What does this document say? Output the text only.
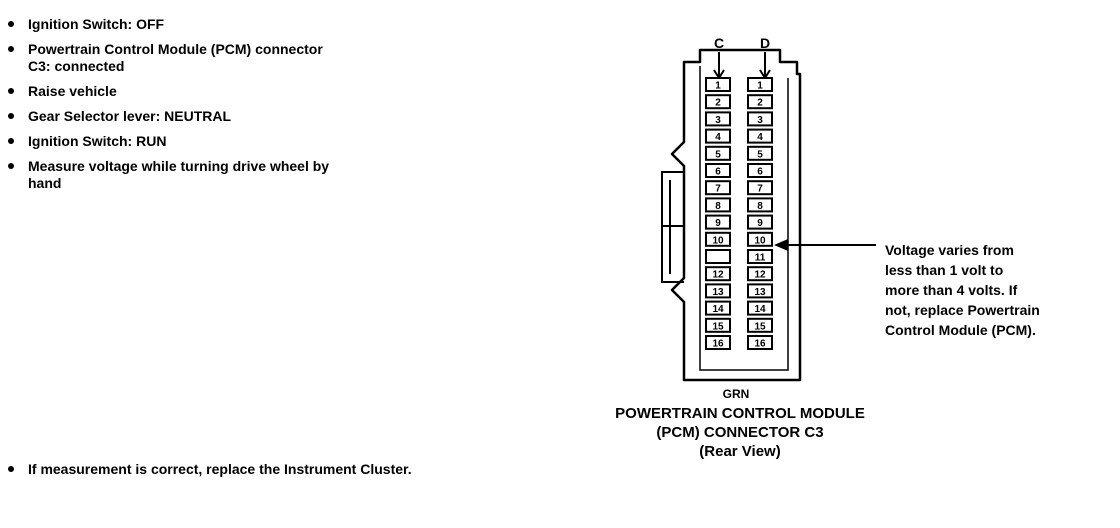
Ignition Switch: OFF
Powertrain Control Module (PCM) connector C3: connected
Raise vehicle
Gear Selector lever: NEUTRAL
Ignition Switch: RUN
Measure voltage while turning drive wheel by hand
C	D
1
2
3
4
5
6
7
8
9
10
12
13
14
15
16
1
2
3
4
5
6
7
8
9
10
11
12
13
14
15
16
GRN
Voltage varies from
less than 1 volt to
more than 4 volts. If
not, replace Powertrain
Control Module (PCM).
POWERTRAIN CONTROL MODULE
(PCM) CONNECTOR C3
(Rear View)
If measurement is correct, replace the Instrument Cluster.
